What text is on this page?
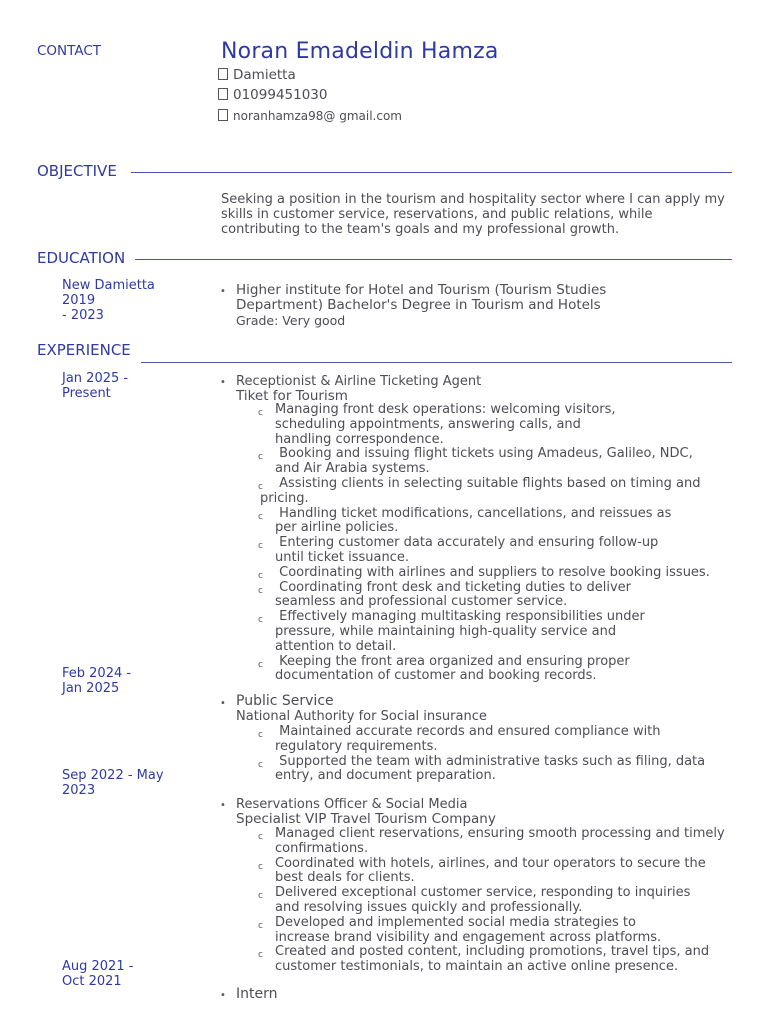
CONTACT	Noran Emadeldin Hamza
Damietta
01099451030
noranhamza98@ gmail.com
OBJECTIVE
Seeking a position in the tourism and hospitality sector where I can apply my
skills in customer service, reservations, and public relations, while
contributing to the team's goals and my professional growth.
EDUCATION
New Damietta
2019
- 2023
• Higher institute for Hotel and Tourism (Tourism Studies
Department) Bachelor's Degree in Tourism and Hotels
Grade: Very good
EXPERIENCE
Jan 2025 -
Present
• Receptionist & Airline Ticketing Agent
Tiket for Tourism
c Managing front desk operations: welcoming visitors,
scheduling appointments, answering calls, and
handling correspondence.
c Booking and issuing flight tickets using Amadeus, Galileo, NDC,
and Air Arabia systems.
c Assisting clients in selecting suitable flights based on timing and
pricing.
c Handling ticket modifications, cancellations, and reissues as
per airline policies.
c Entering customer data accurately and ensuring follow-up
until ticket issuance.
c Coordinating with airlines and suppliers to resolve booking issues.
c Coordinating front desk and ticketing duties to deliver
seamless and professional customer service.
c Effectively managing multitasking responsibilities under
pressure, while maintaining high-quality service and
attention to detail.
c Keeping the front area organized and ensuring proper
documentation of customer and booking records.
Feb 2024 -
Jan 2025
• Public Service
National Authority for Social insurance
c Maintained accurate records and ensured compliance with
regulatory requirements.
c Supported the team with administrative tasks such as filing, data
entry, and document preparation.
Sep 2022 - May
2023
• Reservations Officer & Social Media
Specialist VIP Travel Tourism Company
c Managed client reservations, ensuring smooth processing and timely
confirmations.
c Coordinated with hotels, airlines, and tour operators to secure the
best deals for clients.
c Delivered exceptional customer service, responding to inquiries
and resolving issues quickly and professionally.
c Developed and implemented social media strategies to
increase brand visibility and engagement across platforms.
c Created and posted content, including promotions, travel tips, and
customer testimonials, to maintain an active online presence.
Aug 2021 -
Oct 2021
• Intern
